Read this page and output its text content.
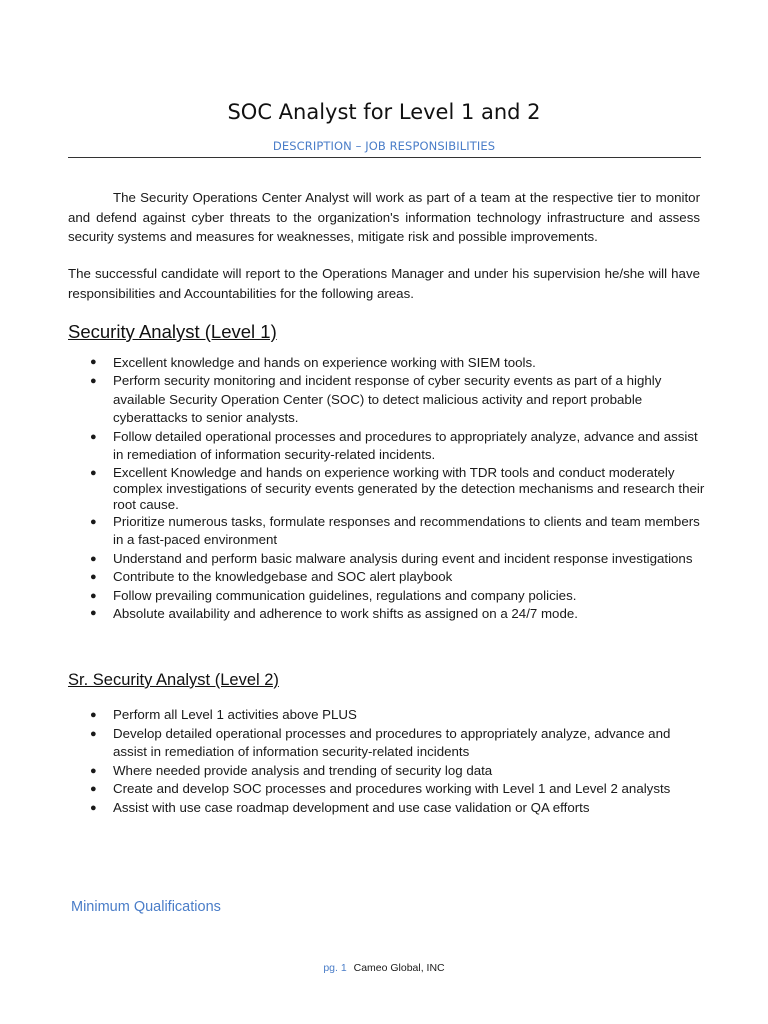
SOC Analyst for Level 1 and 2
DESCRIPTION – JOB RESPONSIBILITIES

The Security Operations Center Analyst will work as part of a team at the respective tier to monitor and defend against cyber threats to the organization's information technology infrastructure and assess security systems and measures for weaknesses, mitigate risk and possible improvements.

The successful candidate will report to the Operations Manager and under his supervision he/she will have responsibilities and Accountabilities for the following areas.

Security Analyst (Level 1)
● Excellent knowledge and hands on experience working with SIEM tools.
● Perform security monitoring and incident response of cyber security events as part of a highly available Security Operation Center (SOC) to detect malicious activity and report probable cyberattacks to senior analysts.
● Follow detailed operational processes and procedures to appropriately analyze, advance and assist in remediation of information security-related incidents.
● Excellent Knowledge and hands on experience working with TDR tools and conduct moderately complex investigations of security events generated by the detection mechanisms and research their root cause.
● Prioritize numerous tasks, formulate responses and recommendations to clients and team members in a fast-paced environment
● Understand and perform basic malware analysis during event and incident response investigations
● Contribute to the knowledgebase and SOC alert playbook
● Follow prevailing communication guidelines, regulations and company policies.
● Absolute availability and adherence to work shifts as assigned on a 24/7 mode.
Sr. Security Analyst (Level 2)
● Perform all Level 1 activities above PLUS
● Develop detailed operational processes and procedures to appropriately analyze, advance and assist in remediation of information security-related incidents
● Where needed provide analysis and trending of security log data
● Create and develop SOC processes and procedures working with Level 1 and Level 2 analysts
● Assist with use case roadmap development and use case validation or QA efforts
Minimum Qualifications
pg. 1 Cameo Global, INC
